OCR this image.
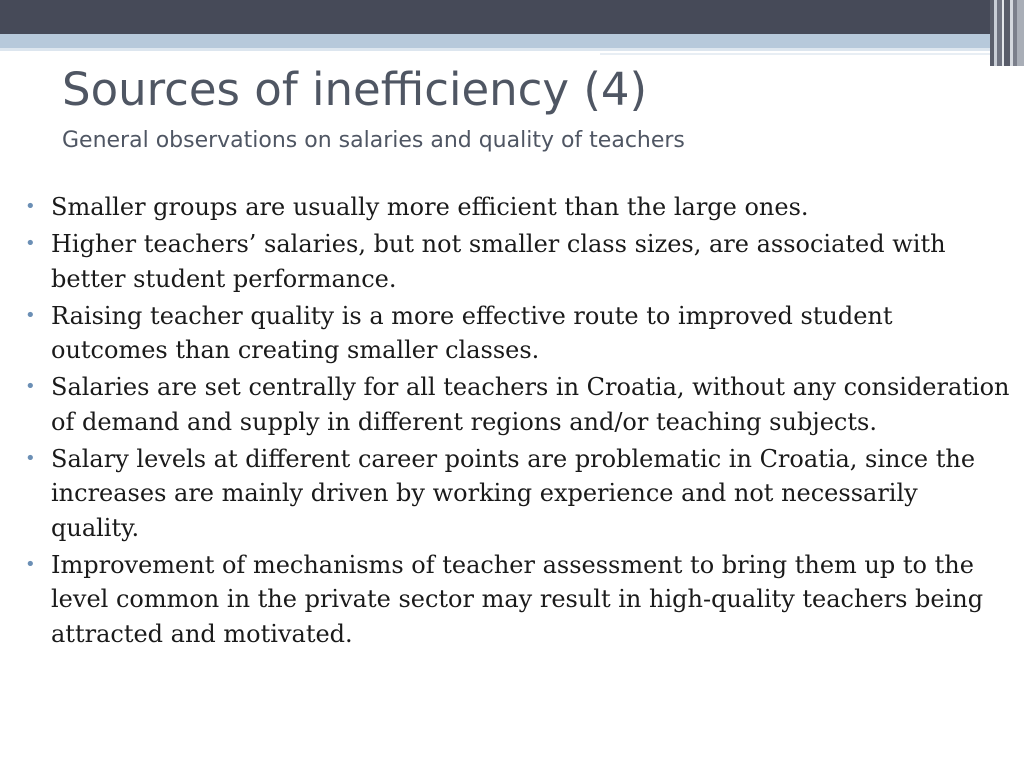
Sources of inefficiency (4)
General observations on salaries and quality of teachers
• Smaller groups are usually more efficient than the large ones.
• Higher teachers’ salaries, but not smaller class sizes, are associated with better student performance.
• Raising teacher quality is a more effective route to improved student outcomes than creating smaller classes.
• Salaries are set centrally for all teachers in Croatia, without any consideration of demand and supply in different regions and/or teaching subjects.
• Salary levels at different career points are problematic in Croatia, since the increases are mainly driven by working experience and not necessarily quality.
• Improvement of mechanisms of teacher assessment to bring them up to the level common in the private sector may result in high-quality teachers being attracted and motivated.
